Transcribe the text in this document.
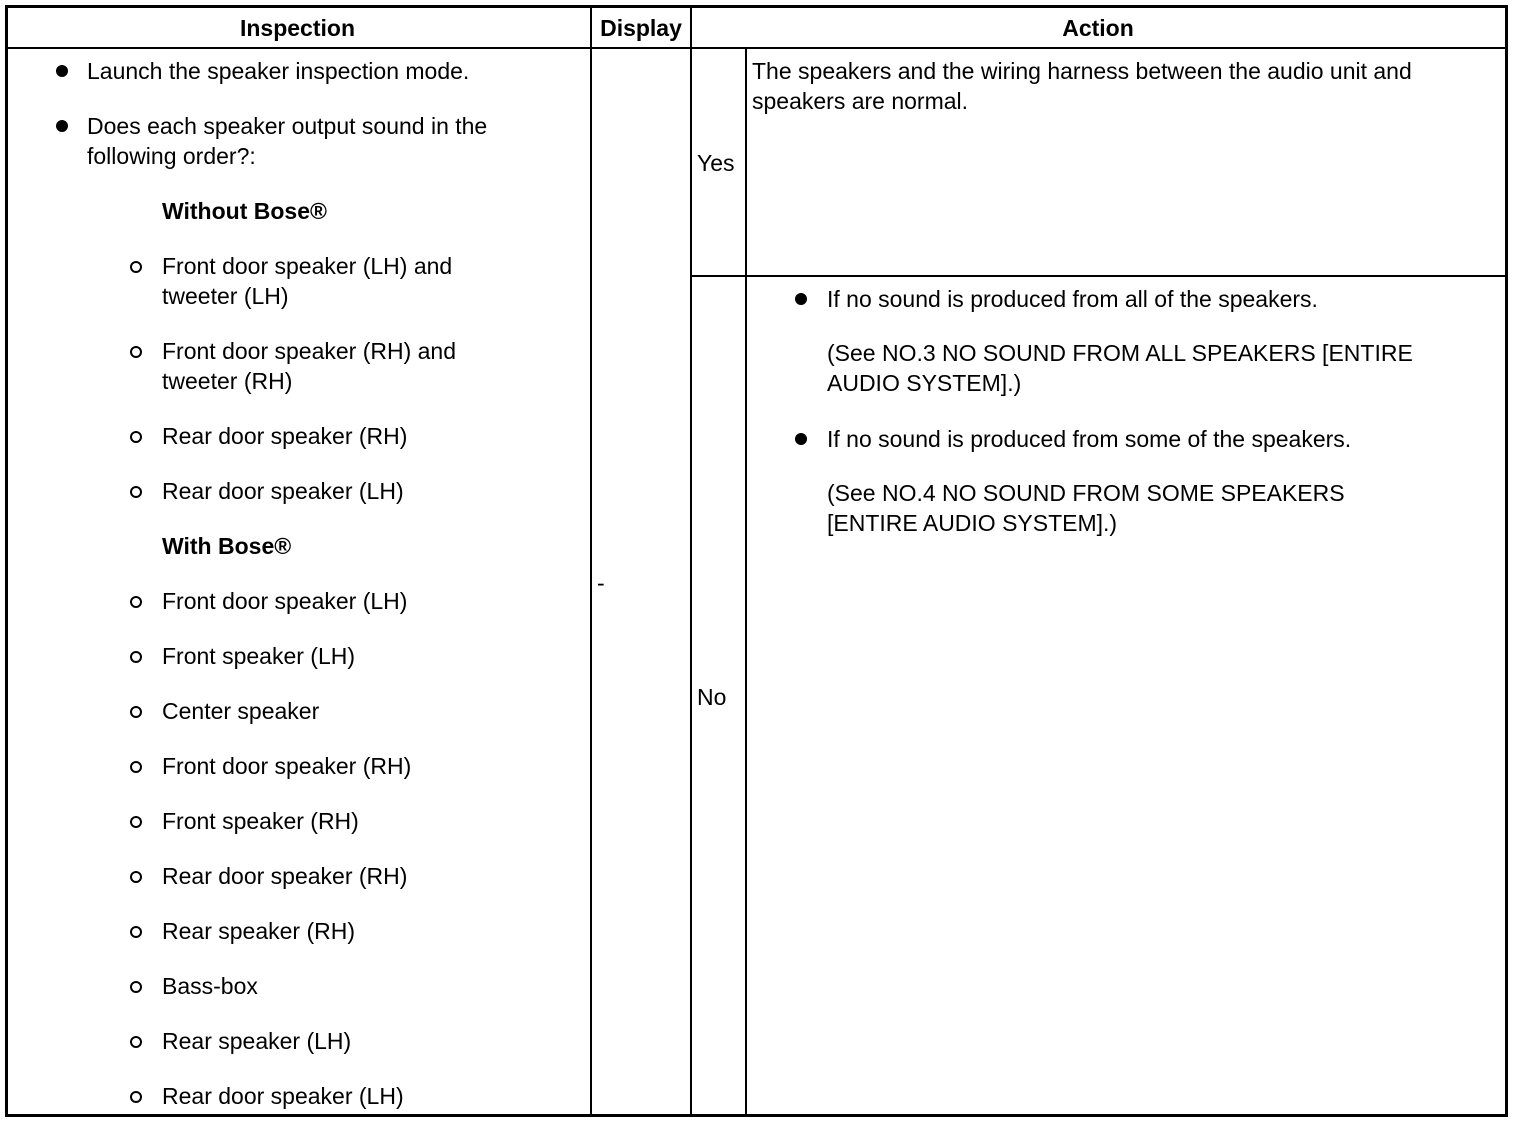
Inspection	Display	Action
Launch the speaker inspection mode.
Does each speaker output sound in the
following order?:
Without Bose®
Front door speaker (LH) and
tweeter (LH)
Front door speaker (RH) and
tweeter (RH)
Rear door speaker (RH)
Rear door speaker (LH)
With Bose®
Front door speaker (LH)
Front speaker (LH)
Center speaker
Front door speaker (RH)
Front speaker (RH)
Rear door speaker (RH)
Rear speaker (RH)
Bass-box
Rear speaker (LH)
Rear door speaker (LH)
-
Yes
The speakers and the wiring harness between the audio unit and
speakers are normal.
No
If no sound is produced from all of the speakers.
(See NO.3 NO SOUND FROM ALL SPEAKERS [ENTIRE
AUDIO SYSTEM].)
If no sound is produced from some of the speakers.
(See NO.4 NO SOUND FROM SOME SPEAKERS
[ENTIRE AUDIO SYSTEM].)
